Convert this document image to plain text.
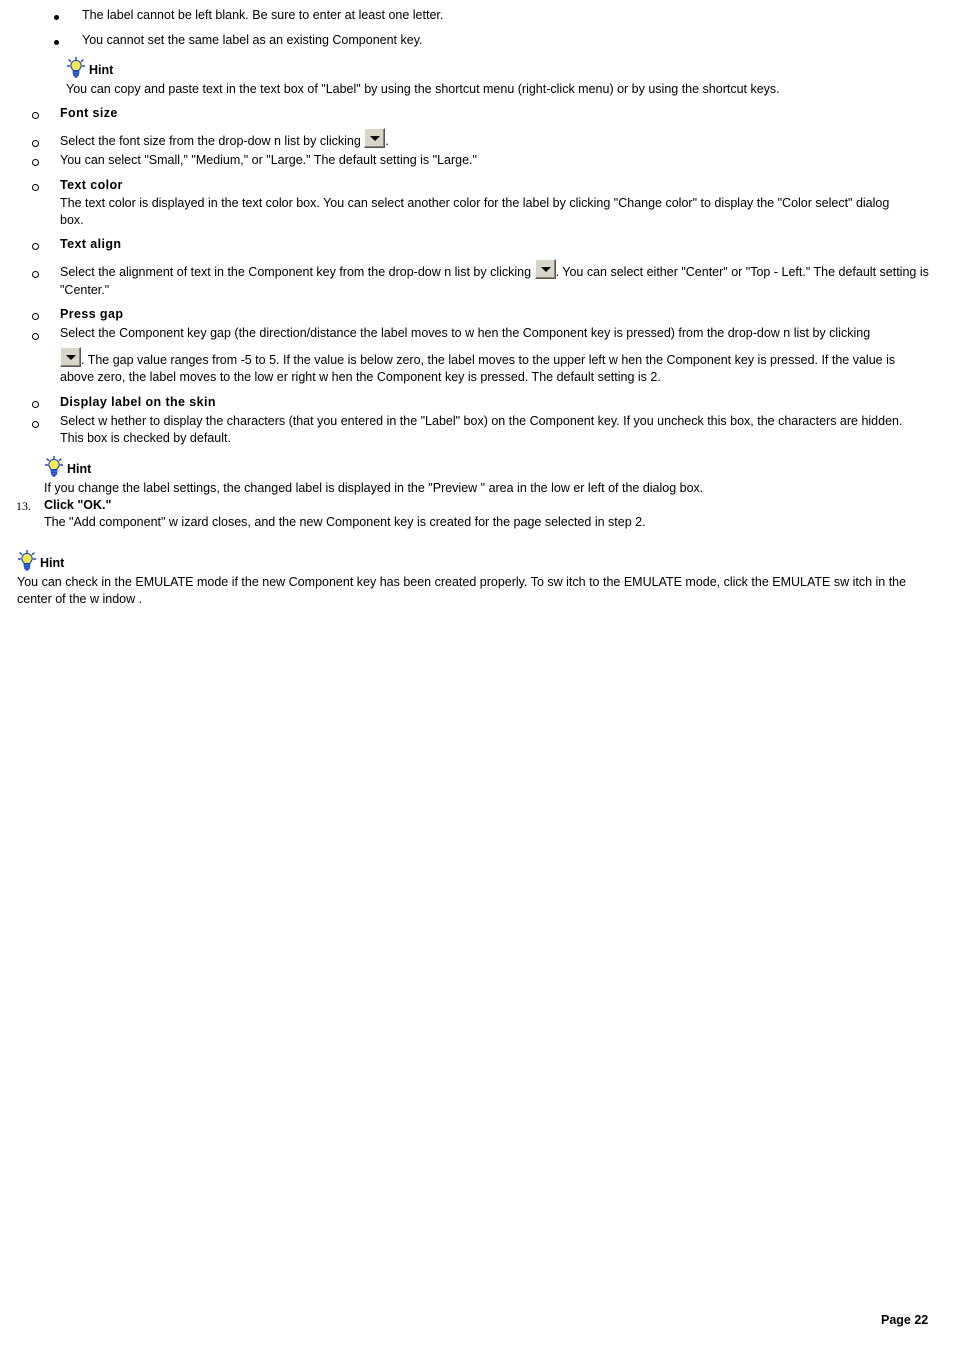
The label cannot be left blank. Be sure to enter at least one letter.
You cannot set the same label as an existing Component key.
Hint
You can copy and paste text in the text box of "Label" by using the shortcut menu (right-click menu) or by using the shortcut keys.
Font size
Select the font size from the drop-dow n list by clicking .
You can select "Small," "Medium," or "Large." The default setting is "Large."
Text color
The text color is displayed in the text color box. You can select another color for the label by clicking "Change color" to display the "Color select" dialog box.
Text align
Select the alignment of text in the Component key from the drop-dow n list by clicking . You can select either "Center" or "Top - Left." The default setting is "Center."
Press gap
Select the Component key gap (the direction/distance the label moves to w hen the Component key is pressed) from the drop-dow n list by clicking
. The gap value ranges from -5 to 5. If the value is below zero, the label moves to the upper left w hen the Component key is pressed. If the value is above zero, the label moves to the low er right w hen the Component key is pressed. The default setting is 2.
Display label on the skin
Select w hether to display the characters (that you entered in the "Label" box) on the Component key. If you uncheck this box, the characters are hidden. This box is checked by default.
Hint
If you change the label settings, the changed label is displayed in the "Preview " area in the low er left of the dialog box.
13. Click "OK."
The "Add component" w izard closes, and the new Component key is created for the page selected in step 2.
Hint
You can check in the EMULATE mode if the new Component key has been created properly. To sw itch to the EMULATE mode, click the EMULATE sw itch in the center of the w indow .
Page 22
